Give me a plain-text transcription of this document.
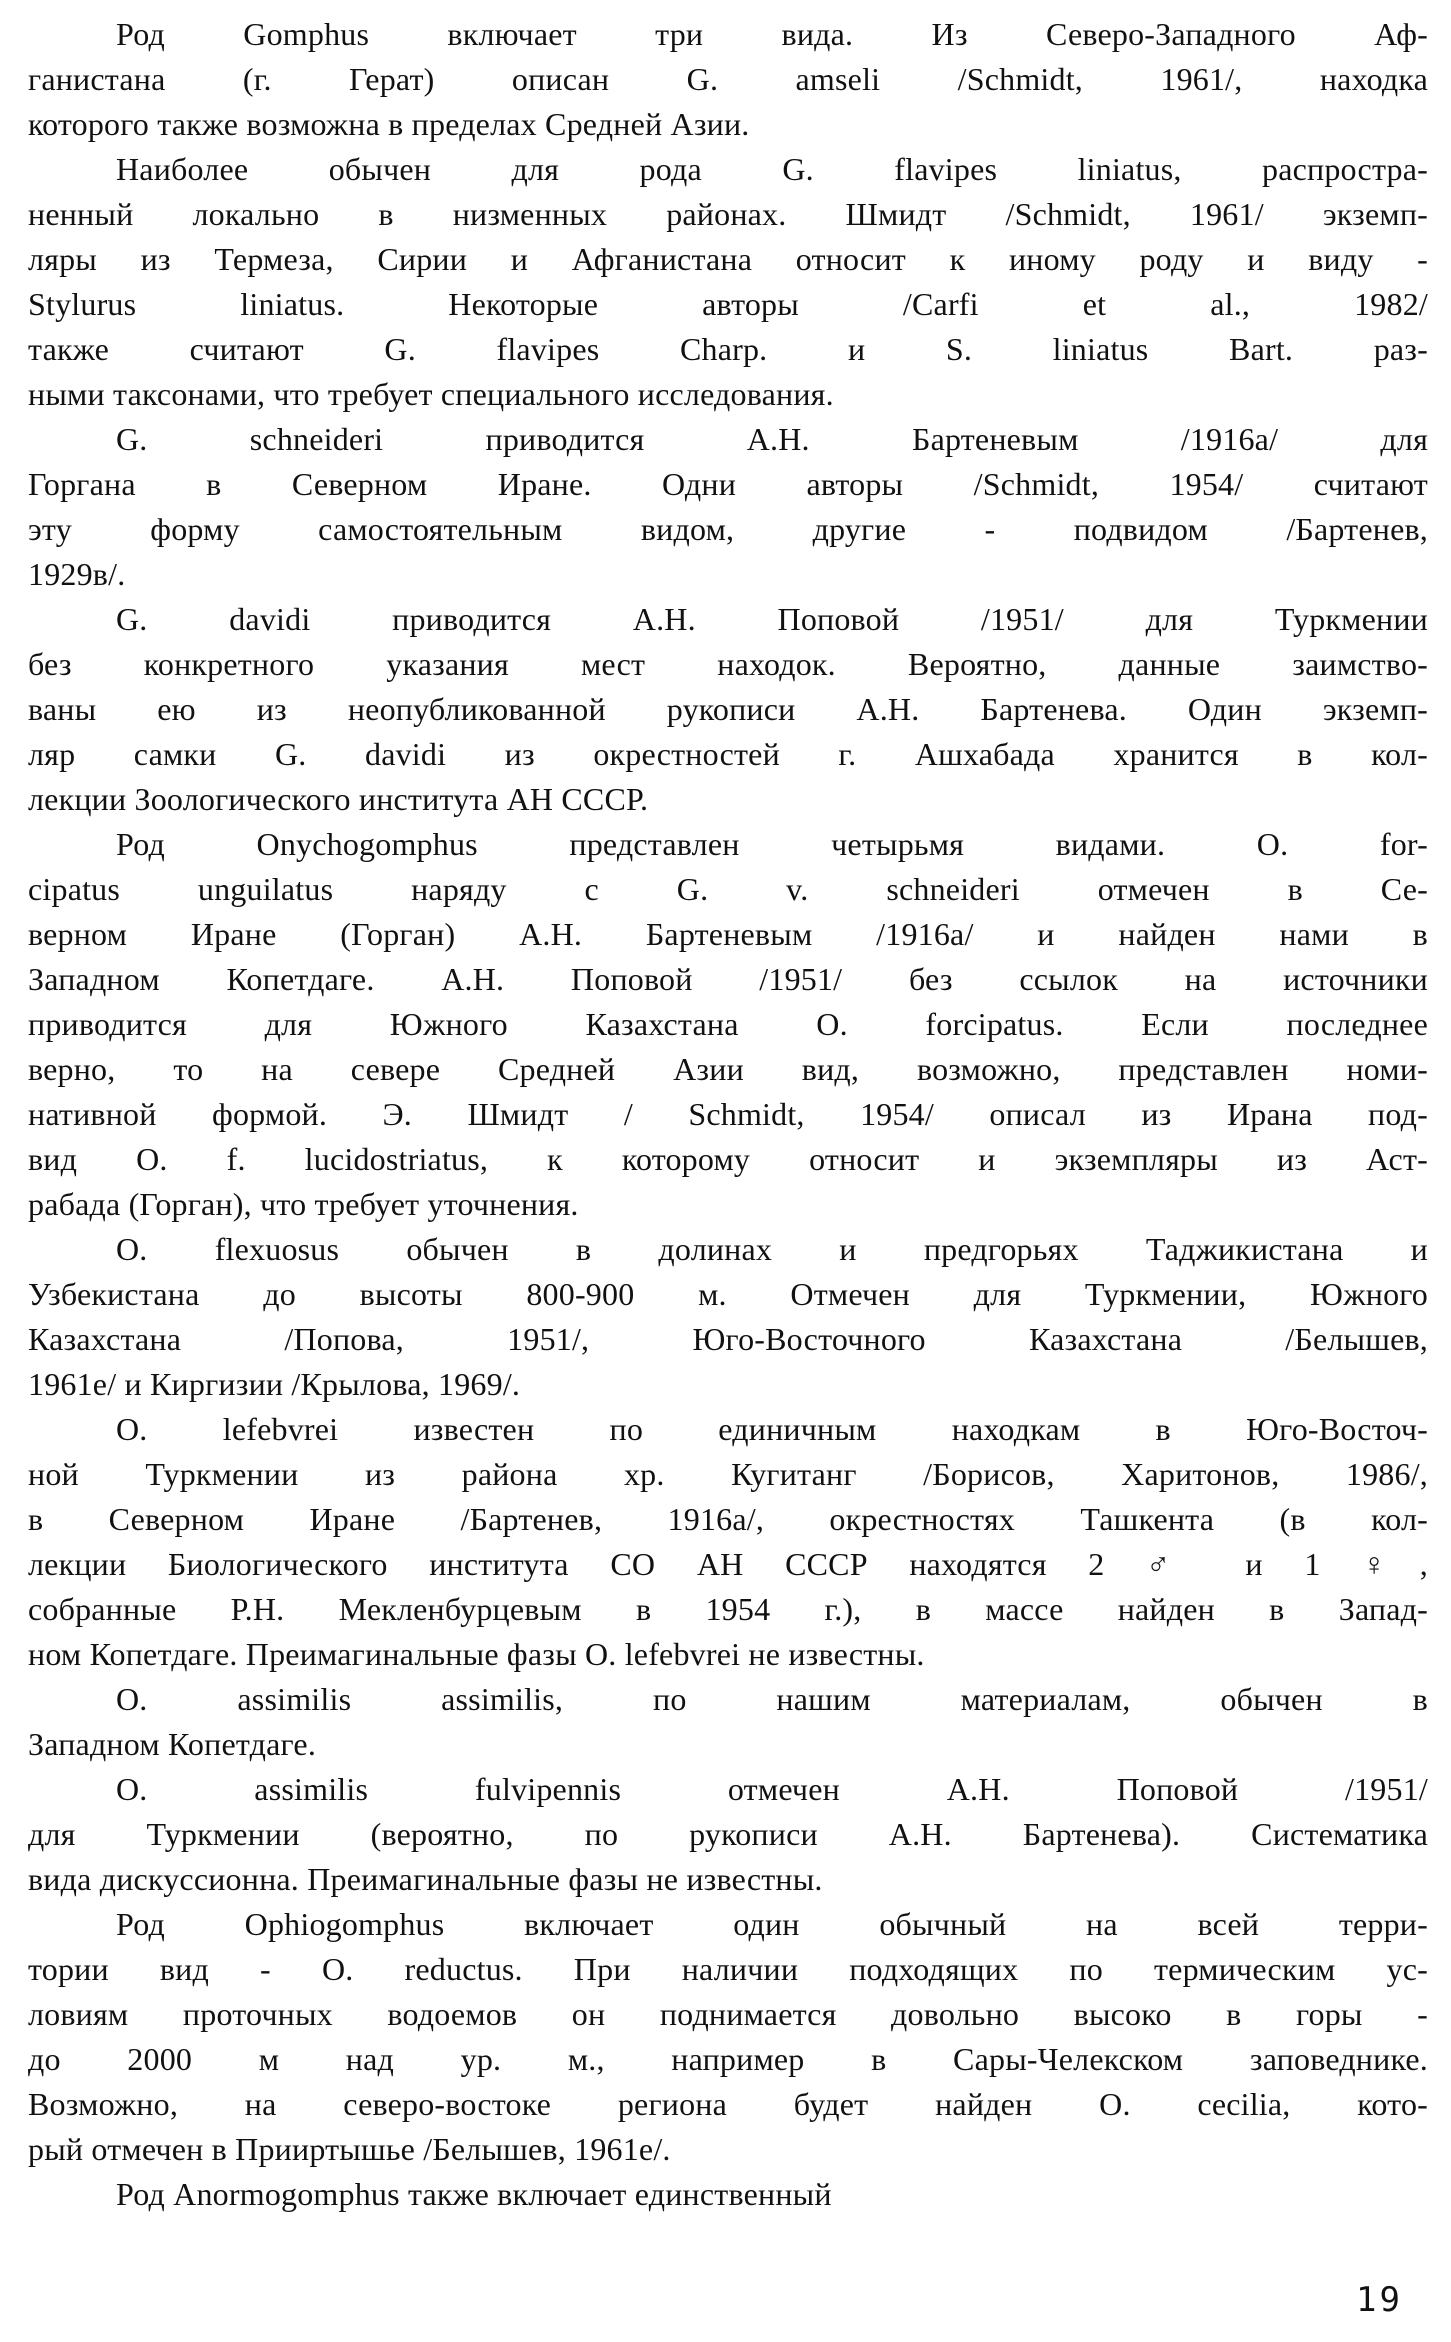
Род Gomphus включает три вида. Из Северо-Западного Аф-
ганистана (г. Герат) описан G. amseli /Schmidt, 1961/, находка
которого также возможна в пределах Средней Азии.
Наиболее обычен для рода G. flavipes liniatus, распростра-
ненный локально в низменных районах. Шмидт /Schmidt, 1961/ экземп-
ляры из Термеза, Сирии и Афганистана относит к иному роду и виду -
Stylurus liniatus. Некоторые авторы /Carfi et al., 1982/
также считают G. flavipes Charp. и S. liniatus Bart. раз-
ными таксонами, что требует специального исследования.
G. schneideri приводится А.Н. Бартеневым /1916а/ для
Горгана в Северном Иране. Одни авторы /Schmidt, 1954/ считают
эту форму самостоятельным видом, другие - подвидом /Бартенев,
1929в/.
G. davidi приводится А.Н. Поповой /1951/ для Туркмении
без конкретного указания мест находок. Вероятно, данные заимство-
ваны ею из неопубликованной рукописи А.Н. Бартенева. Один экземп-
ляр самки G. davidi из окрестностей г. Ашхабада хранится в кол-
лекции Зоологического института АН СССР.
Род Onychogomphus представлен четырьмя видами. O. for-
cipatus unguilatus наряду с G. v. schneideri отмечен в Се-
верном Иране (Горган) А.Н. Бартеневым /1916а/ и найден нами в
Западном Копетдаге. А.Н. Поповой /1951/ без ссылок на источники
приводится для Южного Казахстана O. forcipatus. Если последнее
верно, то на севере Средней Азии вид, возможно, представлен номи-
нативной формой. Э. Шмидт / Schmidt, 1954/ описал из Ирана под-
вид O. f. lucidostriatus, к которому относит и экземпляры из Аст-
рабада (Горган), что требует уточнения.
O. flexuosus обычен в долинах и предгорьях Таджикистана и
Узбекистана до высоты 800-900 м. Отмечен для Туркмении, Южного
Казахстана /Попова, 1951/, Юго-Восточного Казахстана /Белышев,
1961е/ и Киргизии /Крылова, 1969/.
O. lefebvrei известен по единичным находкам в Юго-Восточ-
ной Туркмении из района хр. Кугитанг /Борисов, Харитонов, 1986/,
в Северном Иране /Бартенев, 1916а/, окрестностях Ташкента (в кол-
лекции Биологического института СО АН СССР находятся 2 ♂ и 1 ♀,
собранные Р.Н. Мекленбурцевым в 1954 г.), в массе найден в Запад-
ном Копетдаге. Преимагинальные фазы O. lefebvrei не известны.
O. assimilis assimilis, по нашим материалам, обычен в
Западном Копетдаге.
O. assimilis fulvipennis отмечен А.Н. Поповой /1951/
для Туркмении (вероятно, по рукописи А.Н. Бартенева). Систематика
вида дискуссионна. Преимагинальные фазы не известны.
Род Ophiogomphus включает один обычный на всей терри-
тории вид - O. reductus. При наличии подходящих по термическим ус-
ловиям проточных водоемов он поднимается довольно высоко в горы -
до 2000 м над ур. м., например в Сары-Челекском заповеднике.
Возможно, на северо-востоке региона будет найден O. cecilia, кото-
рый отмечен в Прииртышье /Белышев, 1961е/.
Род Anormogomphus также включает единственный
19
